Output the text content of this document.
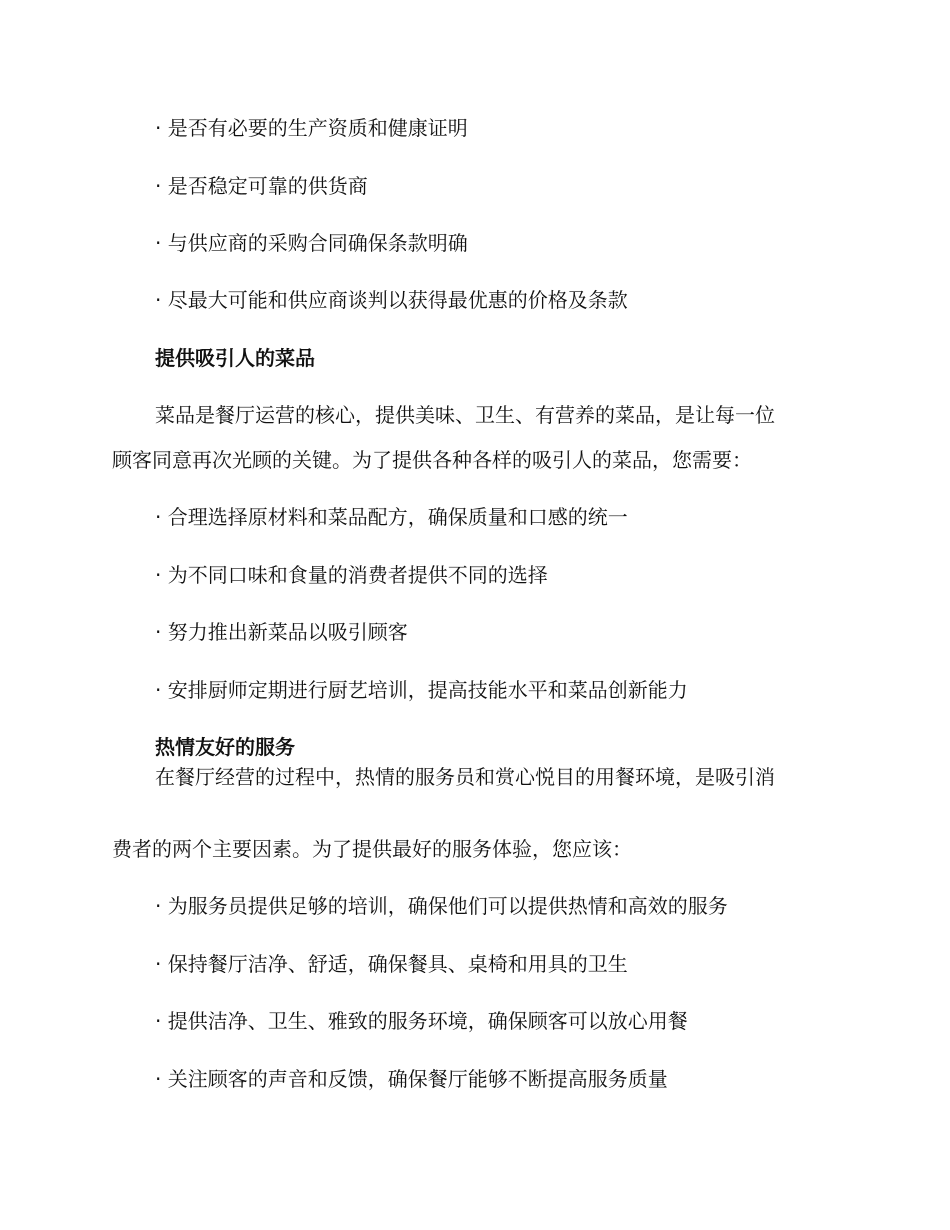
· 是否有必要的生产资质和健康证明
· 是否稳定可靠的供货商
· 与供应商的采购合同确保条款明确
· 尽最大可能和供应商谈判以获得最优惠的价格及条款
提供吸引人的菜品
菜品是餐厅运营的核心，提供美味、卫生、有营养的菜品，是让每一位
顾客同意再次光顾的关键。为了提供各种各样的吸引人的菜品，您需要：
· 合理选择原材料和菜品配方，确保质量和口感的统一
· 为不同口味和食量的消费者提供不同的选择
· 努力推出新菜品以吸引顾客
· 安排厨师定期进行厨艺培训，提高技能水平和菜品创新能力
热情友好的服务
在餐厅经营的过程中，热情的服务员和赏心悦目的用餐环境，是吸引消
费者的两个主要因素。为了提供最好的服务体验，您应该：
· 为服务员提供足够的培训，确保他们可以提供热情和高效的服务
· 保持餐厅洁净、舒适，确保餐具、桌椅和用具的卫生
· 提供洁净、卫生、雅致的服务环境，确保顾客可以放心用餐
· 关注顾客的声音和反馈，确保餐厅能够不断提高服务质量
